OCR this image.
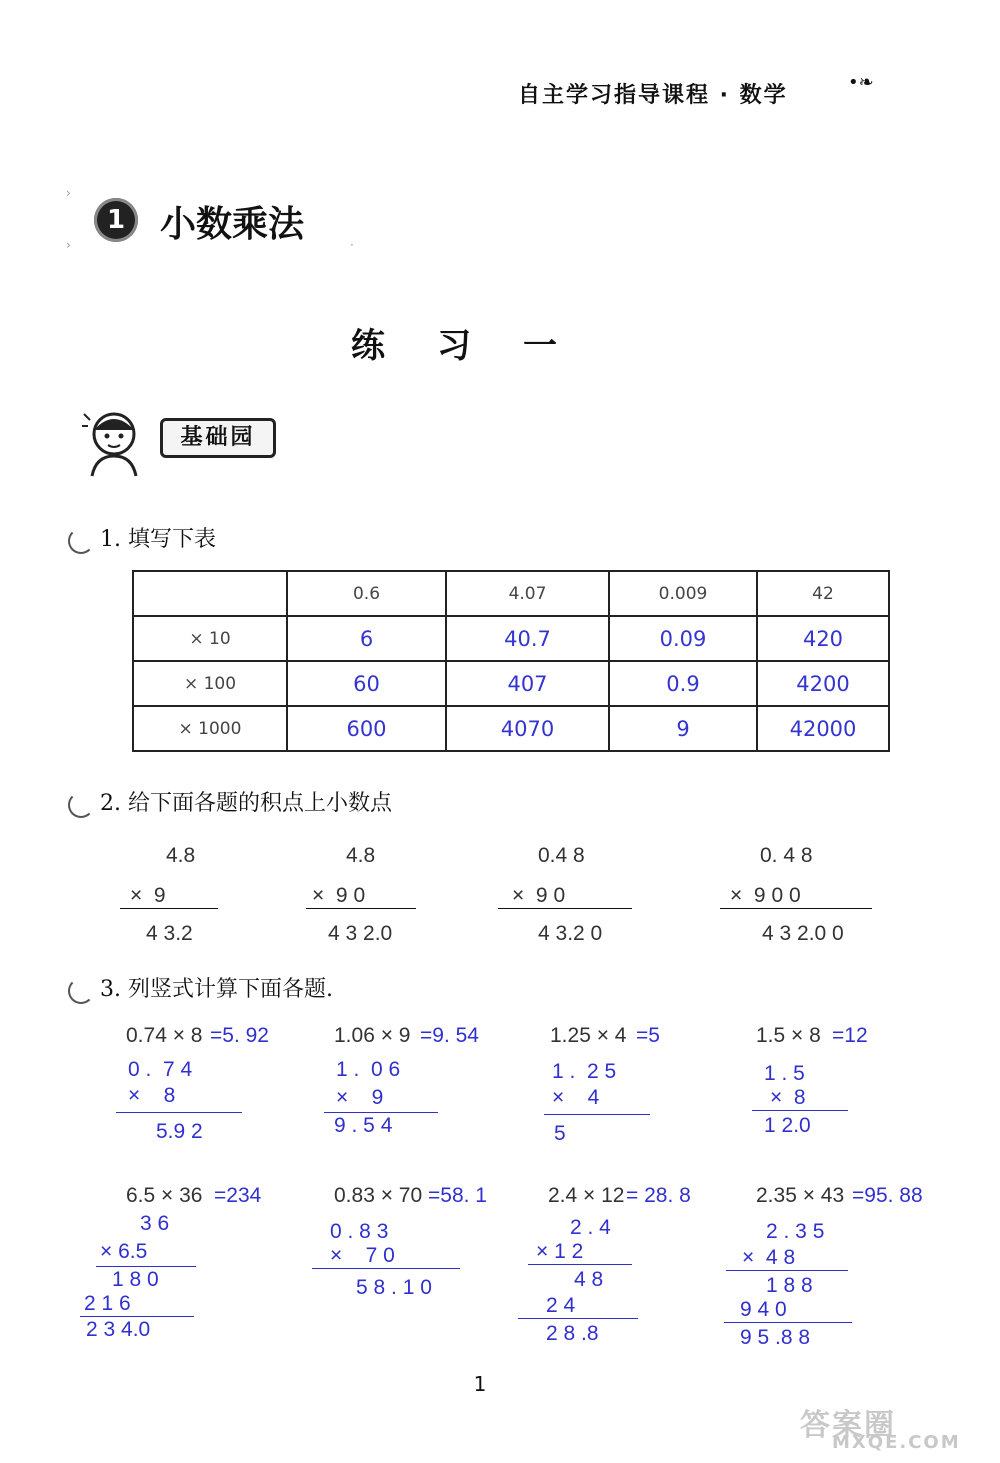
自主学习指导课程 · 数学
•❧
›
›	·
1 小数乘法
练习一
基础园
1. 填写下表
	0.6	4.07	0.009	42
× 10	6	40.7	0.09	420
× 100	60	407	0.9	4200
× 1000	600	4070	9	42000
2. 给下面各题的积点上小数点
4.8
×  9
4 3.2
4.8
×  9 0
4 3 2.0
0.4 8
×  9 0
4 3.2 0
0. 4 8
×  9 0 0
4 3 2.0 0
3. 列竖式计算下面各题.
0.74 × 8 =5. 92
0 .  7 4
×    8
5.9 2
1.06 × 9 =9. 54
1 .  0 6
×    9
9 . 5 4
1.25 × 4 =5
1 .  2 5
×    4
5
1.5 × 8 =12
1 . 5
×  8
1 2.0
6.5 × 36 =234
3 6
× 6.5
1 8 0
2 1 6
2 3 4.0
0.83 × 70 =58. 1
0 . 8 3
×    7 0
5 8 . 1 0
2.4 × 12 = 28. 8
2 . 4
× 1 2
4 8
2 4
2 8 .8
2.35 × 43 =95. 88
2 . 3 5
×  4 8
1 8 8
9 4 0
9 5 .8 8
1
答案圈
MXQE.COM
